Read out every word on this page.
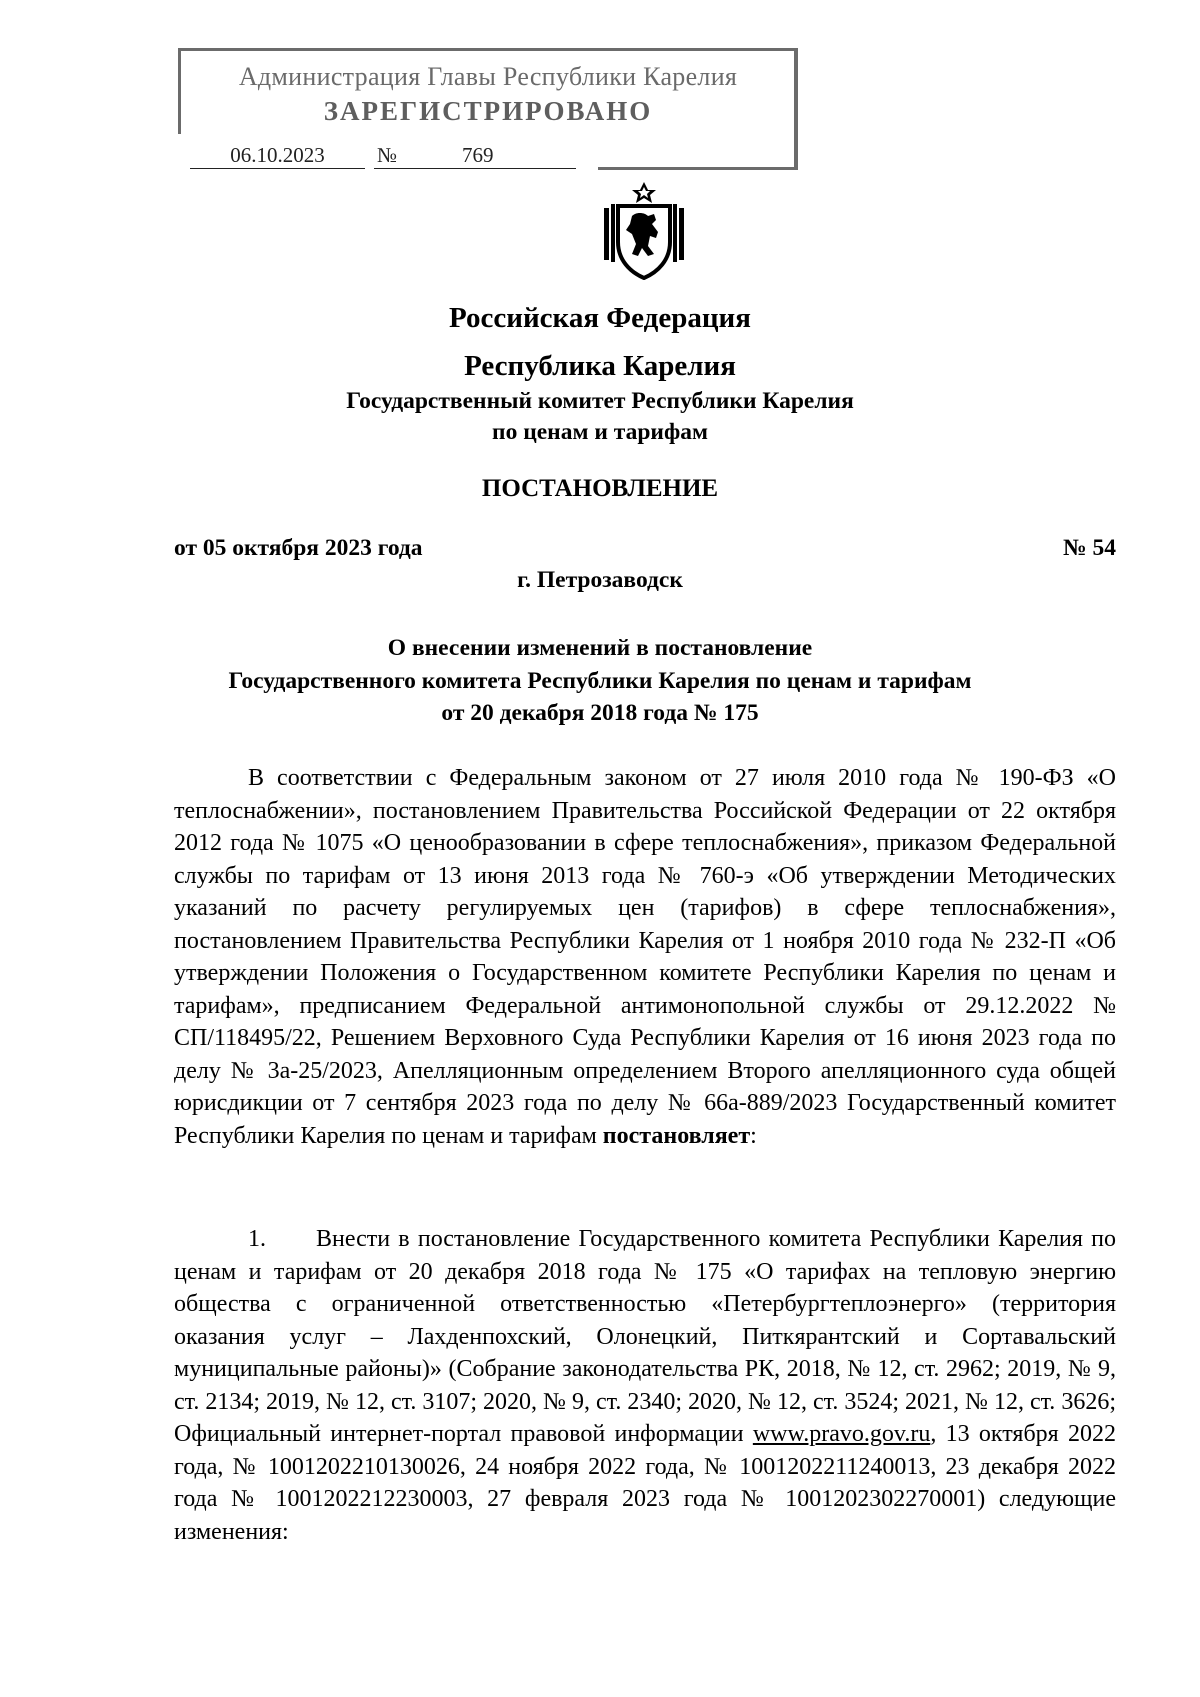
Администрация Главы Республики Карелия
ЗАРЕГИСТРИРОВАНО
06.10.2023	№	769
Российская Федерация
Республика Карелия
Государственный комитет Республики Карелия
по ценам и тарифам
ПОСТАНОВЛЕНИЕ
от 05 октября 2023 года	№ 54
г. Петрозаводск
О внесении изменений в постановление
Государственного комитета Республики Карелия по ценам и тарифам
от 20 декабря 2018 года № 175
В соответствии с Федеральным законом от 27 июля 2010 года № 190-ФЗ «О теплоснабжении», постановлением Правительства Российской Федерации от 22 октября 2012 года № 1075 «О ценообразовании в сфере теплоснабжения», приказом Федеральной службы по тарифам от 13 июня 2013 года № 760-э «Об утверждении Методических указаний по расчету регулируемых цен (тарифов) в сфере теплоснабжения», постановлением Правительства Республики Карелия от 1 ноября 2010 года № 232-П «Об утверждении Положения о Государственном комитете Республики Карелия по ценам и тарифам», предписанием Федеральной антимонопольной службы от 29.12.2022 № СП/118495/22, Решением Верховного Суда Республики Карелия от 16 июня 2023 года по делу № 3а-25/2023, Апелляционным определением Второго апелляционного суда общей юрисдикции от 7 сентября 2023 года по делу № 66а-889/2023 Государственный комитет Республики Карелия по ценам и тарифам постановляет:
1. Внести в постановление Государственного комитета Республики Карелия по ценам и тарифам от 20 декабря 2018 года № 175 «О тарифах на тепловую энергию общества с ограниченной ответственностью «Петербургтеплоэнерго» (территория оказания услуг – Лахденпохский, Олонецкий, Питкярантский и Сортавальский муниципальные районы)» (Собрание законодательства РК, 2018, № 12, ст. 2962; 2019, № 9, ст. 2134; 2019, № 12, ст. 3107; 2020, № 9, ст. 2340; 2020, № 12, ст. 3524; 2021, № 12, ст. 3626; Официальный интернет-портал правовой информации www.pravo.gov.ru, 13 октября 2022 года, № 1001202210130026, 24 ноября 2022 года, № 1001202211240013, 23 декабря 2022 года № 1001202212230003, 27 февраля 2023 года № 1001202302270001) следующие изменения:
